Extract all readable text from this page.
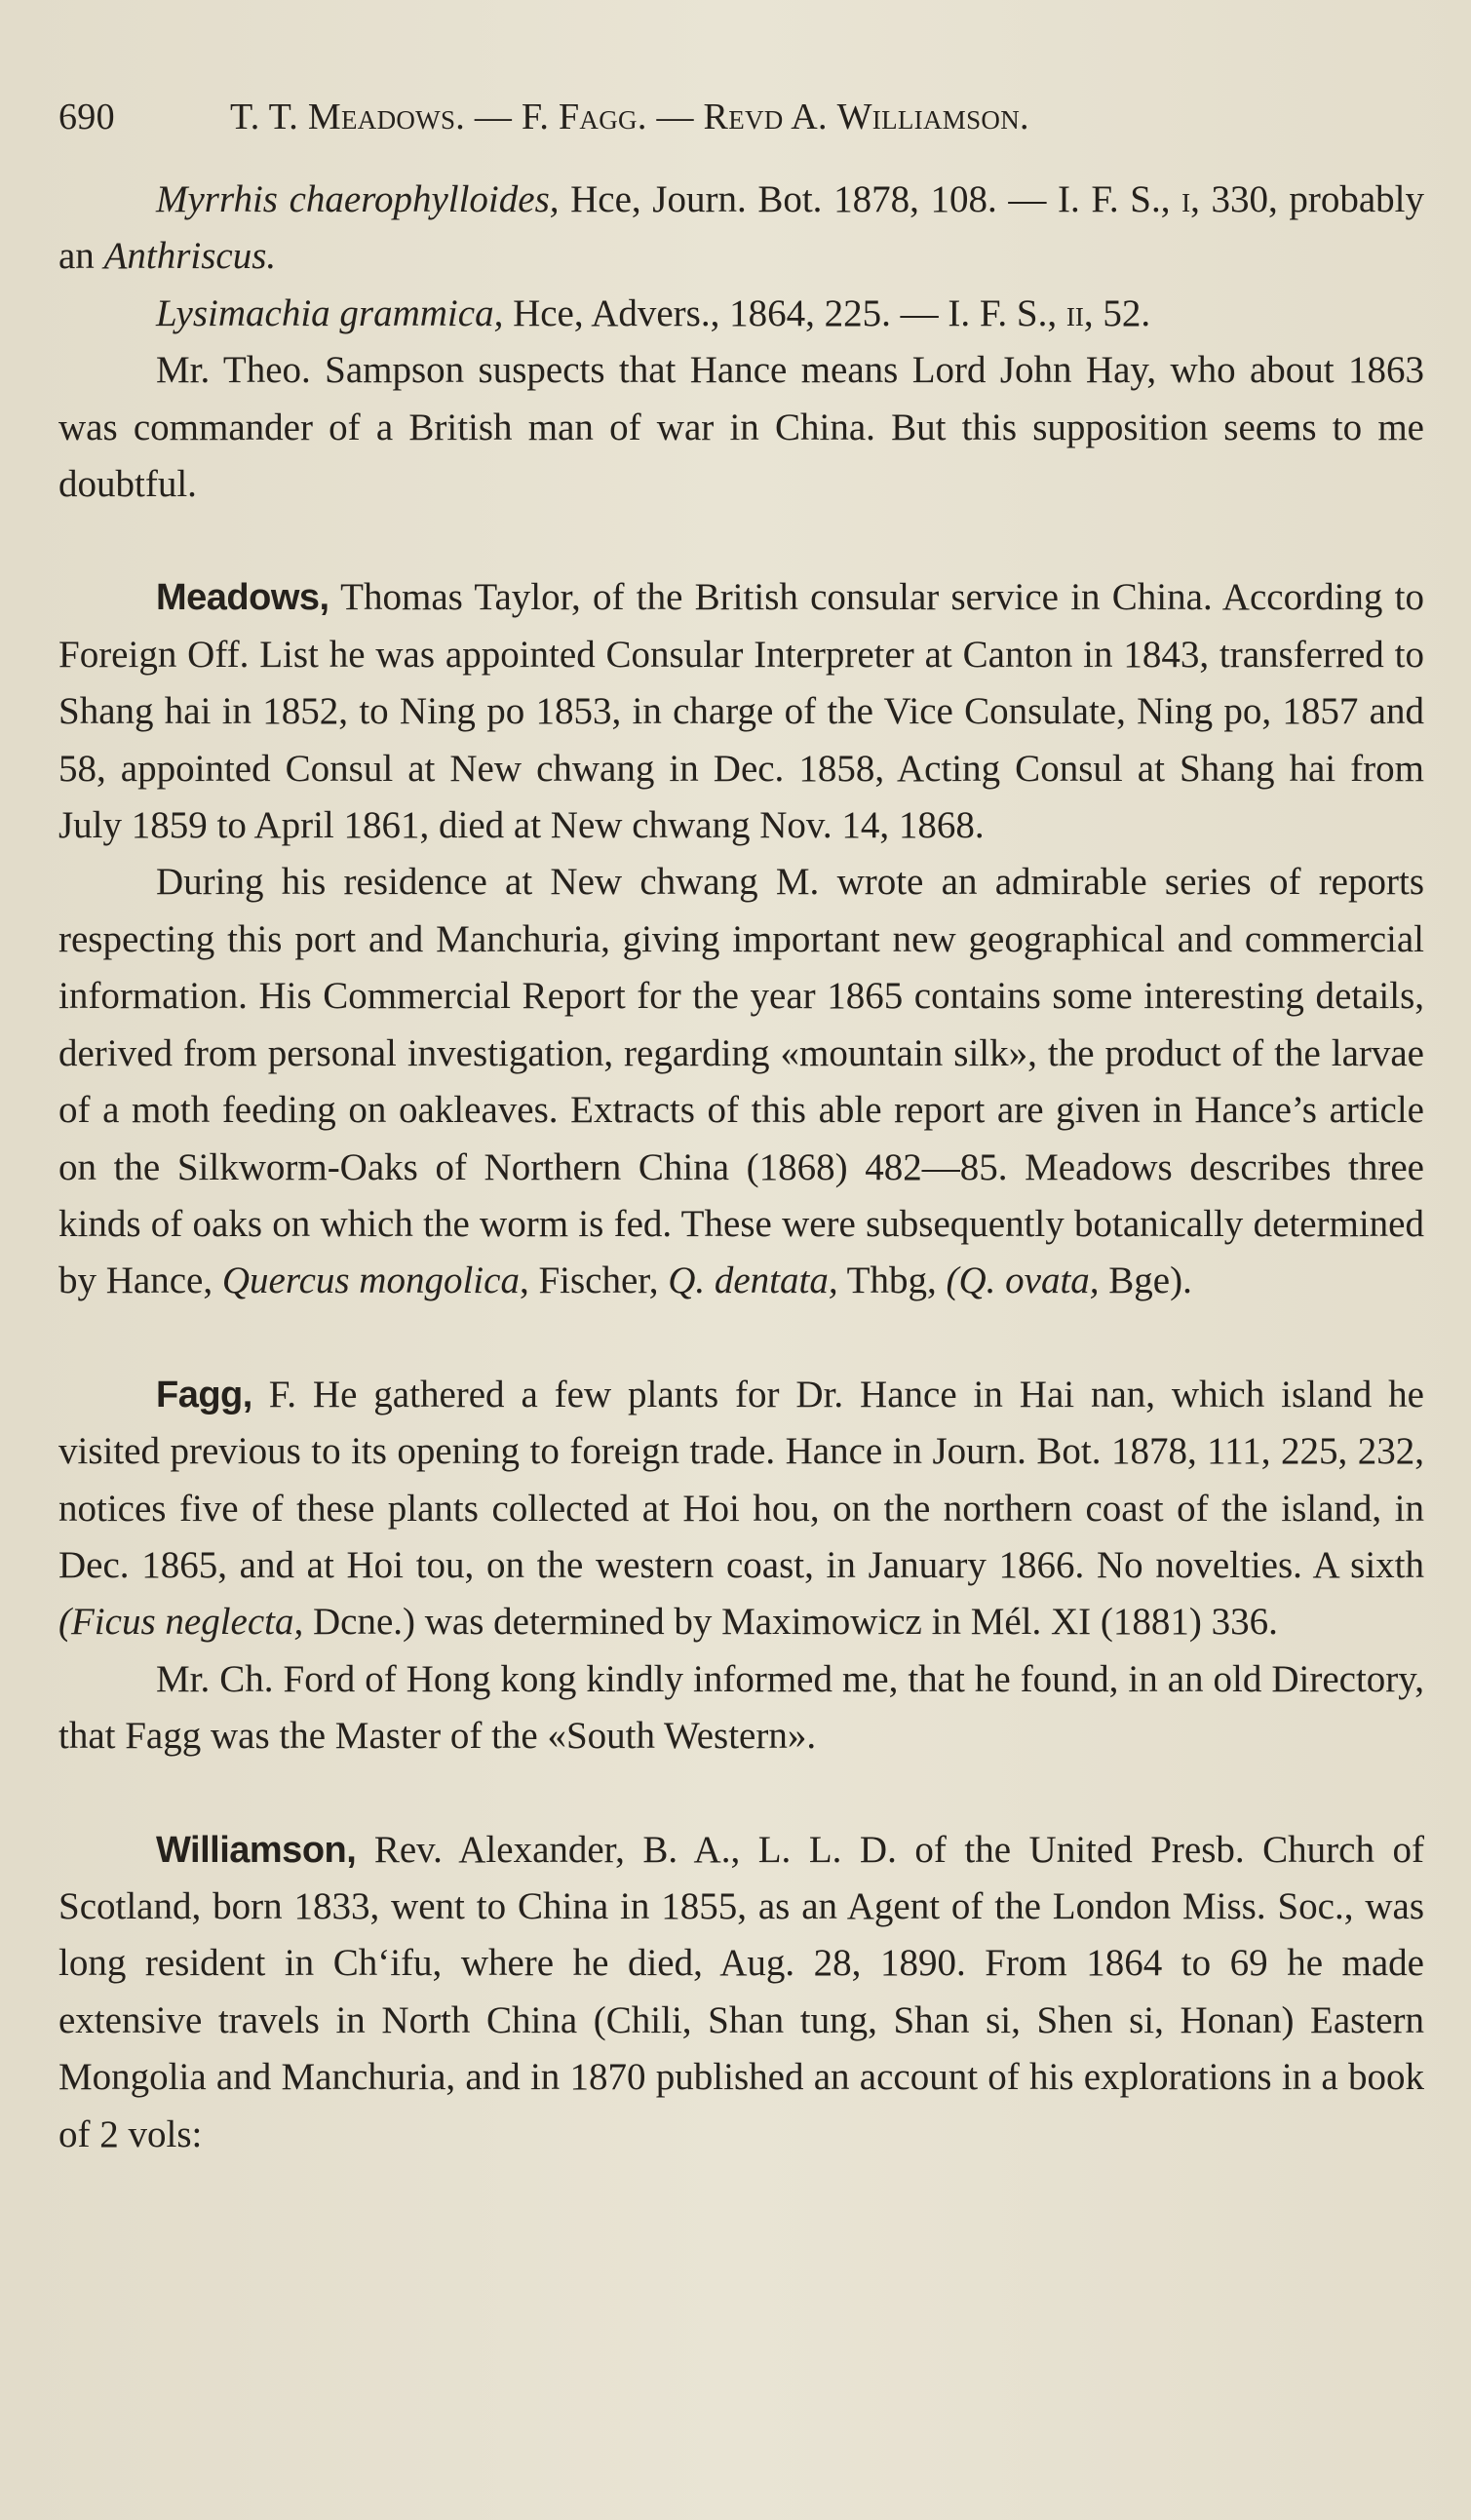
690	T. T. Meadows. — F. Fagg. — Revd A. Williamson.

Myrrhis chaerophylloides, Hce, Journ. Bot. 1878, 108. — I. F. S., i, 330, probably an Anthriscus.

Lysimachia grammica, Hce, Advers., 1864, 225. — I. F. S., ii, 52.

Mr. Theo. Sampson suspects that Hance means Lord John Hay, who about 1863 was commander of a British man of war in China. But this supposition seems to me doubtful.

Meadows, Thomas Taylor, of the British consular service in China. According to Foreign Off. List he was appointed Consular Interpreter at Canton in 1843, transferred to Shang hai in 1852, to Ning po 1853, in charge of the Vice Consulate, Ning po, 1857 and 58, appointed Consul at New chwang in Dec. 1858, Acting Consul at Shang hai from July 1859 to April 1861, died at New chwang Nov. 14, 1868.

During his residence at New chwang M. wrote an admirable series of reports respecting this port and Manchuria, giving important new geographical and commercial information. His Commercial Report for the year 1865 contains some interesting details, derived from personal investigation, regarding «mountain silk», the product of the larvae of a moth feeding on oakleaves. Extracts of this able report are given in Hance’s article on the Silkworm-Oaks of Northern China (1868) 482—85. Meadows describes three kinds of oaks on which the worm is fed. These were subsequently botanically determined by Hance, Quercus mongolica, Fischer, Q. dentata, Thbg, (Q. ovata, Bge).

Fagg, F. He gathered a few plants for Dr. Hance in Hai nan, which island he visited previous to its opening to foreign trade. Hance in Journ. Bot. 1878, 111, 225, 232, notices five of these plants collected at Hoi hou, on the northern coast of the island, in Dec. 1865, and at Hoi tou, on the western coast, in January 1866. No novelties. A sixth (Ficus neglecta, Dcne.) was determined by Maximowicz in Mél. XI (1881) 336.

Mr. Ch. Ford of Hong kong kindly informed me, that he found, in an old Directory, that Fagg was the Master of the «South Western».

Williamson, Rev. Alexander, B. A., L. L. D. of the United Presb. Church of Scotland, born 1833, went to China in 1855, as an Agent of the London Miss. Soc., was long resident in Ch‘ifu, where he died, Aug. 28, 1890. From 1864 to 69 he made extensive travels in North China (Chili, Shan tung, Shan si, Shen si, Honan) Eastern Mongolia and Manchuria, and in 1870 published an account of his explorations in a book of 2 vols:
